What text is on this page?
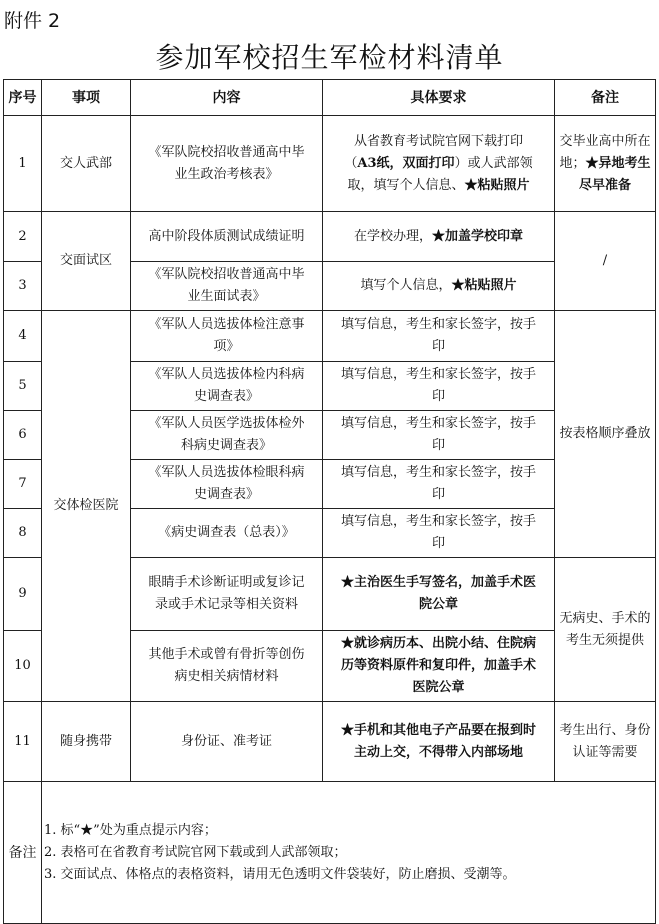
附件 2
参加军校招生军检材料清单
序号	事项	内容	具体要求	备注
1	交人武部	《军队院校招收普通高中毕业生政治考核表》	从省教育考试院官网下载打印（A3纸，双面打印）或人武部领取，填写个人信息、★粘贴照片	交毕业高中所在地；★异地考生尽早准备
2	交面试区	高中阶段体质测试成绩证明	在学校办理，★加盖学校印章	/
3		《军队院校招收普通高中毕业生面试表》	填写个人信息，★粘贴照片	
4	交体检医院	《军队人员选拔体检注意事项》	填写信息，考生和家长签字，按手印	按表格顺序叠放
5		《军队人员选拔体检内科病史调查表》	填写信息，考生和家长签字，按手印	
6		《军队人员医学选拔体检外科病史调查表》	填写信息，考生和家长签字，按手印	
7		《军队人员选拔体检眼科病史调查表》	填写信息，考生和家长签字，按手印	
8		《病史调查表（总表）》	填写信息，考生和家长签字，按手印	
9		眼睛手术诊断证明或复诊记录或手术记录等相关资料	★主治医生手写签名，加盖手术医院公章	无病史、手术的考生无须提供
10		其他手术或曾有骨折等创伤病史相关病情材料	★就诊病历本、出院小结、住院病历等资料原件和复印件，加盖手术医院公章	
11	随身携带	身份证、准考证	★手机和其他电子产品要在报到时主动上交，不得带入内部场地	考生出行、身份认证等需要
备注	1. 标“★”处为重点提示内容；
2. 表格可在省教育考试院官网下载或到人武部领取；
3. 交面试点、体格点的表格资料，请用无色透明文件袋装好，防止磨损、受潮等。			
